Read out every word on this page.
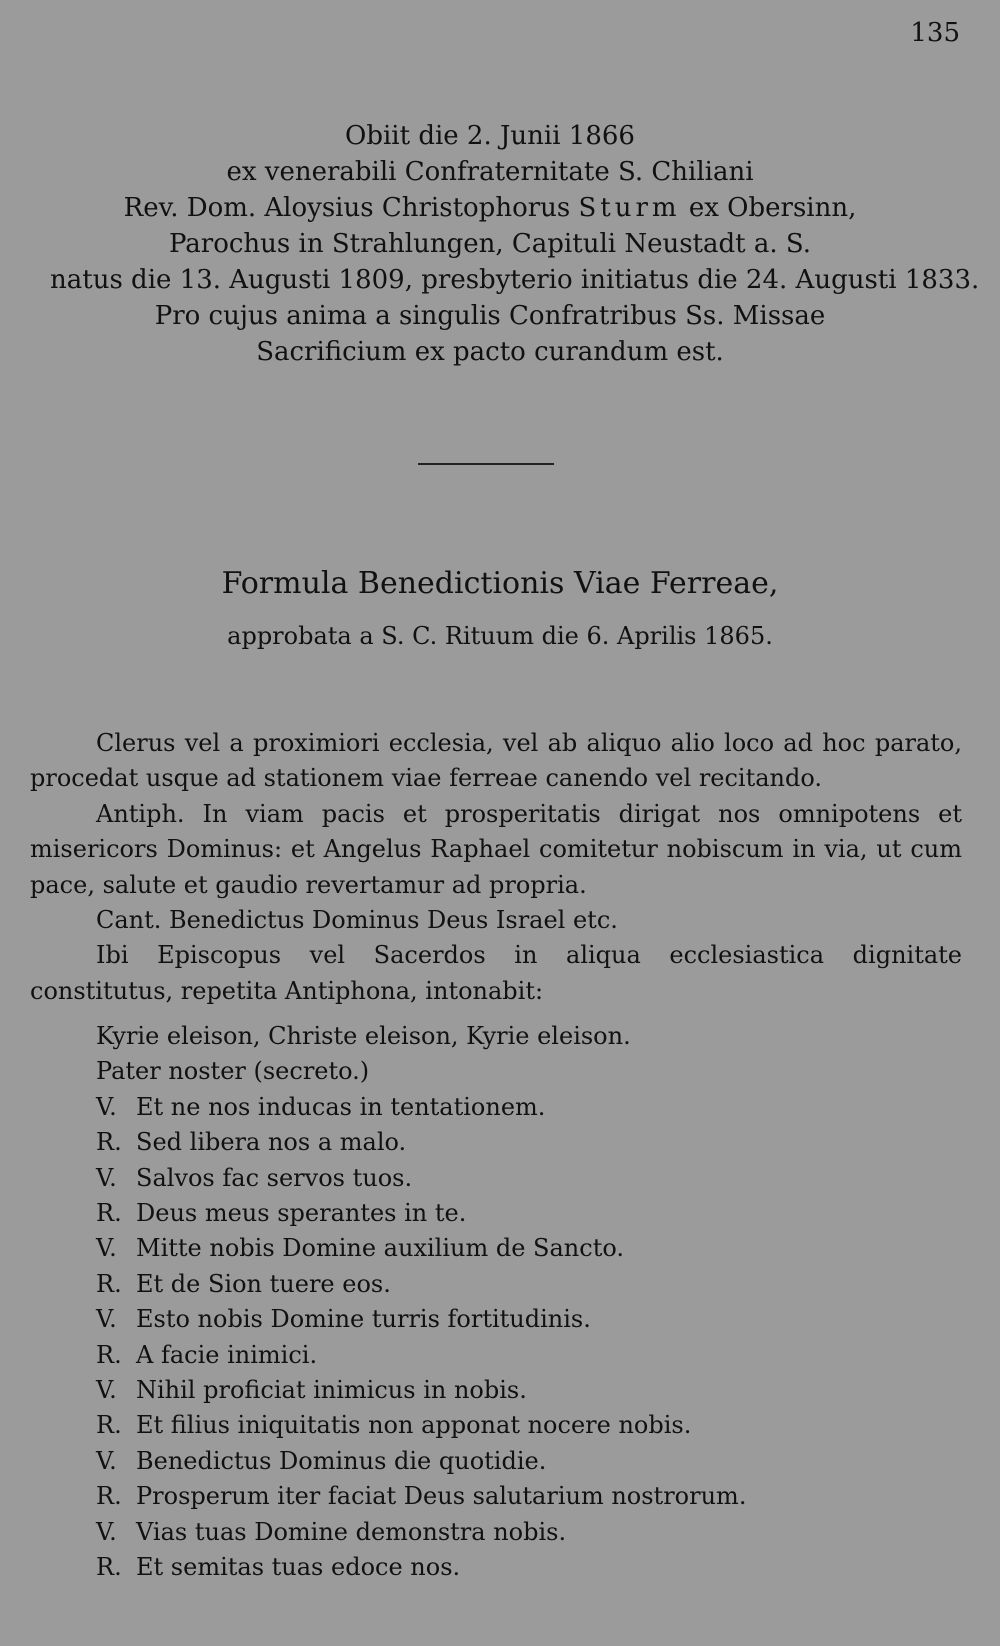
135
Obiit die 2. Junii 1866
ex venerabili Confraternitate S. Chiliani
Rev. Dom. Aloysius Christophorus Sturm ex Obersinn,
Parochus in Strahlungen, Capituli Neustadt a. S.
natus die 13. Augusti 1809, presbyterio initiatus die 24. Augusti 1833.
Pro cujus anima a singulis Confratribus Ss. Missae
Sacrificium ex pacto curandum est.
Formula Benedictionis Viae Ferreae,
approbata a S. C. Rituum die 6. Aprilis 1865.

Clerus vel a proximiori ecclesia, vel ab aliquo alio loco ad hoc parato, procedat usque ad stationem viae ferreae canendo vel recitando.

Antiph. In viam pacis et prosperitatis dirigat nos omnipotens et misericors Dominus: et Angelus Raphael comitetur nobiscum in via, ut cum pace, salute et gaudio revertamur ad propria.

Cant. Benedictus Dominus Deus Israel etc.

Ibi Episcopus vel Sacerdos in aliqua ecclesiastica dignitate constitutus, repetita Antiphona, intonabit:

Kyrie eleison, Christe eleison, Kyrie eleison.
Pater noster (secreto.)
V. Et ne nos inducas in tentationem.
R. Sed libera nos a malo.
V. Salvos fac servos tuos.
R. Deus meus sperantes in te.
V. Mitte nobis Domine auxilium de Sancto.
R. Et de Sion tuere eos.
V. Esto nobis Domine turris fortitudinis.
R. A facie inimici.
V. Nihil proficiat inimicus in nobis.
R. Et filius iniquitatis non apponat nocere nobis.
V. Benedictus Dominus die quotidie.
R. Prosperum iter faciat Deus salutarium nostrorum.
V. Vias tuas Domine demonstra nobis.
R. Et semitas tuas edoce nos.
